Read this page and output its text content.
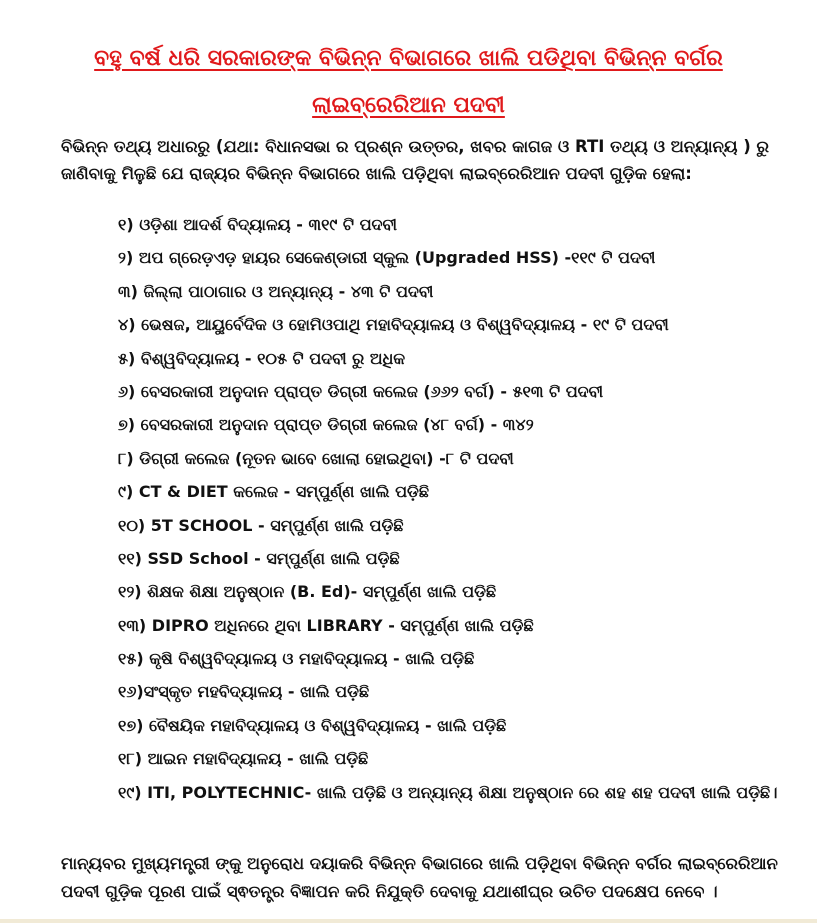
ବହୁ ବର୍ଷ ଧରି ସରକାରଙ୍କ ବିଭିନ୍ନ ବିଭାଗରେ ଖାଲି ପଡିଥିବା ବିଭିନ୍ନ ବର୍ଗର
ଲାଇବ୍ରେରିଆନ ପଦବୀ
ବିଭିନ୍ନ ତଥ୍ୟ ଅଧାରରୁ (ଯଥା: ବିଧାନସଭା ର ପ୍ରଶ୍ନ ଉତ୍ତର, ଖବର କାଗଜ ଓ RTI ତଥ୍ୟ ଓ ଅନ୍ୟାନ୍ୟ ) ରୁ ଜାଣିବାକୁ ମିଳୁଛି ଯେ ରାଜ୍ୟର ବିଭିନ୍ନ ବିଭାଗରେ ଖାଲି ପଡ଼ିଥିବା ଲାଇବ୍ରେରିଆନ ପଦବୀ ଗୁଡ଼ିକ ହେଲା:
୧) ଓଡ଼ିଶା ଆଦର୍ଶ ବିଦ୍ୟାଳୟ - ୩୧୯ ଟି ପଦବୀ
୨) ଅପ ଗ୍ରେଡ଼ଏଡ଼ ହାୟର ସେକେଣ୍ଡାରୀ ସ୍କୁଲ (Upgraded HSS) -୧୧୯ ଟି ପଦବୀ
୩) ଜିଲ୍ଲା ପାଠାଗାର ଓ ଅନ୍ୟାନ୍ୟ - ୪୩ ଟି ପଦବୀ
୪) ଭେଷଜ, ଆୟୁର୍ବେଦିକ ଓ ହୋମିଓପାଥି ମହାବିଦ୍ୟାଳୟ ଓ ବିଶ୍ୱବିଦ୍ୟାଳୟ - ୧୯ ଟି ପଦବୀ
୫) ବିଶ୍ୱବିଦ୍ୟାଳୟ - ୧୦୫ ଟି ପଦବୀ ରୁ ଅଧିକ
୬) ବେସରକାରୀ ଅନୁଦାନ ପ୍ରାପ୍ତ ଡିଗ୍ରୀ କଲେଜ (୬୬୨ ବର୍ଗ) - ୫୧୩ ଟି ପଦବୀ
୭) ବେସରକାରୀ ଅନୁଦାନ ପ୍ରାପ୍ତ ଡିଗ୍ରୀ କଲେଜ (୪୮ ବର୍ଗ) - ୩୪୨
୮) ଡିଗ୍ରୀ କଲେଜ (ନୂତନ ଭାବେ ଖୋଲା ହୋଇଥିବା) -୮ ଟି ପଦବୀ
୯) CT & DIET କଲେଜ - ସମ୍ପୁର୍ଣ୍ଣ ଖାଲି ପଡ଼ିଛି
୧୦) 5T SCHOOL - ସମ୍ପୁର୍ଣ୍ଣ ଖାଲି ପଡ଼ିଛି
୧୧) SSD School - ସମ୍ପୁର୍ଣ୍ଣ ଖାଲି ପଡ଼ିଛି
୧୨) ଶିକ୍ଷକ ଶିକ୍ଷା ଅନୁଷ୍ଠାନ (B. Ed)- ସମ୍ପୁର୍ଣ୍ଣ ଖାଲି ପଡ଼ିଛି
୧୩) DIPRO ଅଧିନରେ ଥିବା LIBRARY - ସମ୍ପୁର୍ଣ୍ଣ ଖାଲି ପଡ଼ିଛି
୧୫) କୃଷି ବିଶ୍ୱବିଦ୍ୟାଳୟ ଓ ମହାବିଦ୍ୟାଳୟ - ଖାଲି ପଡ଼ିଛି
୧୬)ସଂସ୍କୃତ ମହବିଦ୍ୟାଳୟ - ଖାଲି ପଡ଼ିଛି
୧୭) ବୈଷୟିକ ମହାବିଦ୍ୟାଳୟ ଓ ବିଶ୍ୱବିଦ୍ୟାଳୟ - ଖାଲି ପଡ଼ିଛି
୧୮) ଆଇନ ମହାବିଦ୍ୟାଳୟ - ଖାଲି ପଡ଼ିଛି
୧୯) ITI, POLYTECHNIC- ଖାଲି ପଡ଼ିଛି ଓ ଅନ୍ୟାନ୍ୟ ଶିକ୍ଷା ଅନୁଷ୍ଠାନ ରେ ଶହ ଶହ ପଦବୀ ଖାଲି ପଡ଼ିଛି।
ମାନ୍ୟବର ମୁଖ୍ୟମନ୍ତ୍ରୀ ଙ୍କୁ ଅନୁରୋଧ ଦୟାକରି ବିଭିନ୍ନ ବିଭାଗରେ ଖାଲି ପଡ଼ିଥିବା ବିଭିନ୍ନ ବର୍ଗର ଲାଇବ୍ରେରିଆନ ପଦବୀ ଗୁଡ଼ିକ ପୂରଣ ପାଇଁ ସ୍ଵତନ୍ତ୍ର ବିଜ୍ଞାପନ କରି ନିଯୁକ୍ତି ଦେବାକୁ ଯଥାଶୀଘ୍ର ଉଚିତ ପଦକ୍ଷେପ ନେବେ ।
